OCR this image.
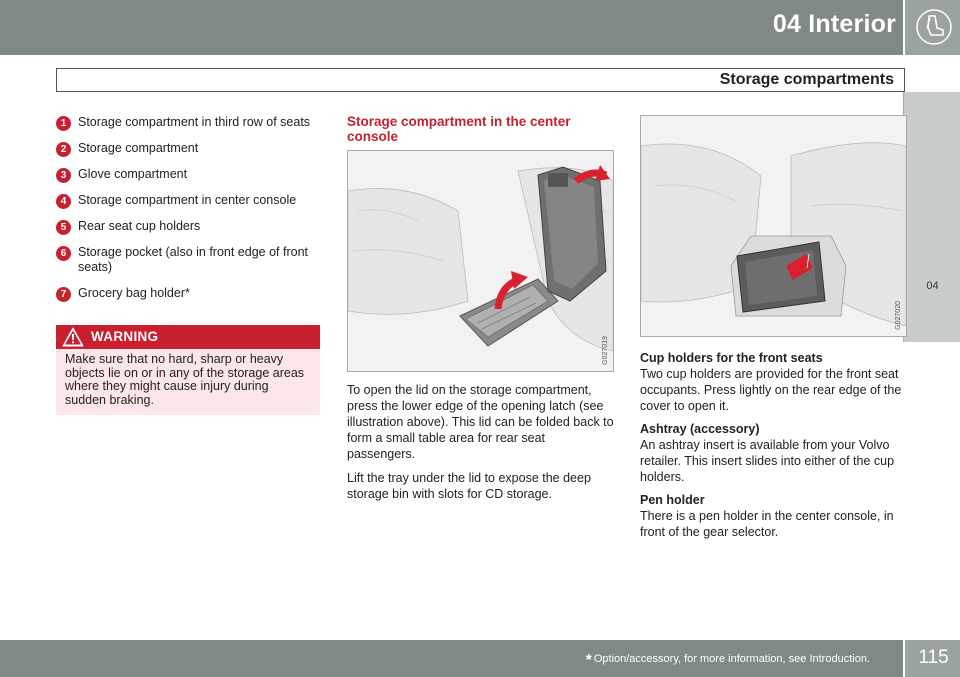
04 Interior
Storage compartments
04
1 Storage compartment in third row of seats
2 Storage compartment
3 Glove compartment
4 Storage compartment in center console
5 Rear seat cup holders
6 Storage pocket (also in front edge of front seats)
7 Grocery bag holder*
WARNING
Make sure that no hard, sharp or heavy objects lie on or in any of the storage areas where they might cause injury during sudden braking.
Storage compartment in the center console
G027019

To open the lid on the storage compartment, press the lower edge of the opening latch (see illustration above). This lid can be folded back to form a small table area for rear seat passengers.

Lift the tray under the lid to expose the deep storage bin with slots for CD storage.

G027020
Cup holders for the front seats

Two cup holders are provided for the front seat occupants. Press lightly on the rear edge of the cover to open it.

Ashtray (accessory)

An ashtray insert is available from your Volvo retailer. This insert slides into either of the cup holders.

Pen holder

There is a pen holder in the center console, in front of the gear selector.

* Option/accessory, for more information, see Introduction.	115
